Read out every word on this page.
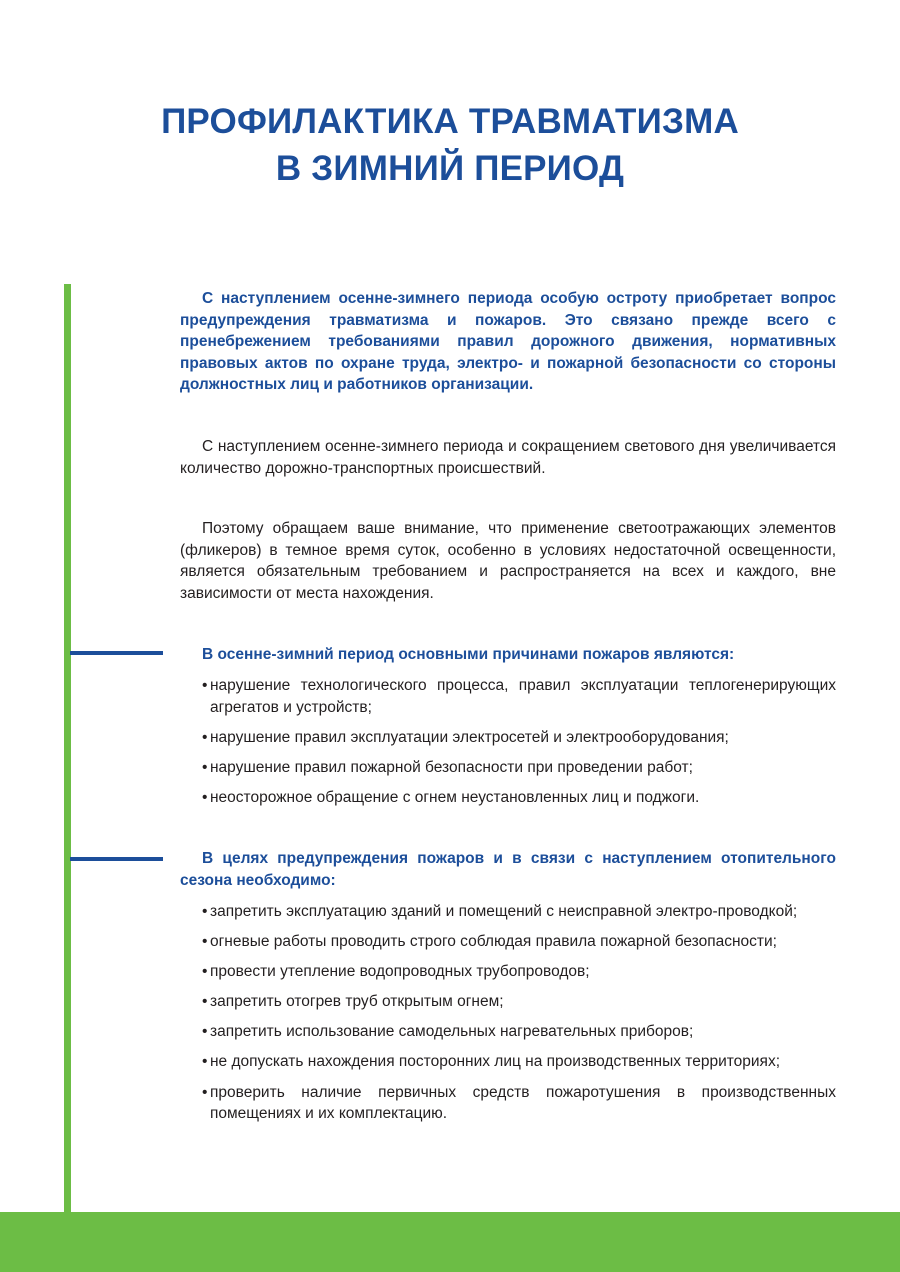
ПРОФИЛАКТИКА ТРАВМАТИЗМА
В ЗИМНИЙ ПЕРИОД

С наступлением осенне-зимнего периода особую остроту приобретает вопрос предупреждения травматизма и пожаров. Это связано прежде всего с пренебрежением требованиями правил дорожного движения, нормативных правовых актов по охране труда, электро- и пожарной безопасности со стороны должностных лиц и работников организации.

С наступлением осенне-зимнего периода и сокращением светового дня увеличивается количество дорожно-транспортных происшествий.

Поэтому обращаем ваше внимание, что применение светоотражающих элементов (фликеров) в темное время суток, особенно в условиях недостаточной освещенности, является обязательным требованием и распространяется на всех и каждого, вне зависимости от места нахождения.

В осенне-зимний период основными причинами пожаров являются:

• нарушение технологического процесса, правил эксплуатации теплогенерирующих агрегатов и устройств;
• нарушение правил эксплуатации электросетей и электрооборудования;
• нарушение правил пожарной безопасности при проведении работ;
• неосторожное обращение с огнем неустановленных лиц и поджоги.

В целях предупреждения пожаров и в связи с наступлением отопительного сезона необходимо:

• запретить эксплуатацию зданий и помещений с неисправной электро-проводкой;
• огневые работы проводить строго соблюдая правила пожарной безопасности;
• провести утепление водопроводных трубопроводов;
• запретить отогрев труб открытым огнем;
• запретить использование самодельных нагревательных приборов;
• не допускать нахождения посторонних лиц на производственных территориях;
• проверить наличие первичных средств пожаротушения в производственных помещениях и их комплектацию.
